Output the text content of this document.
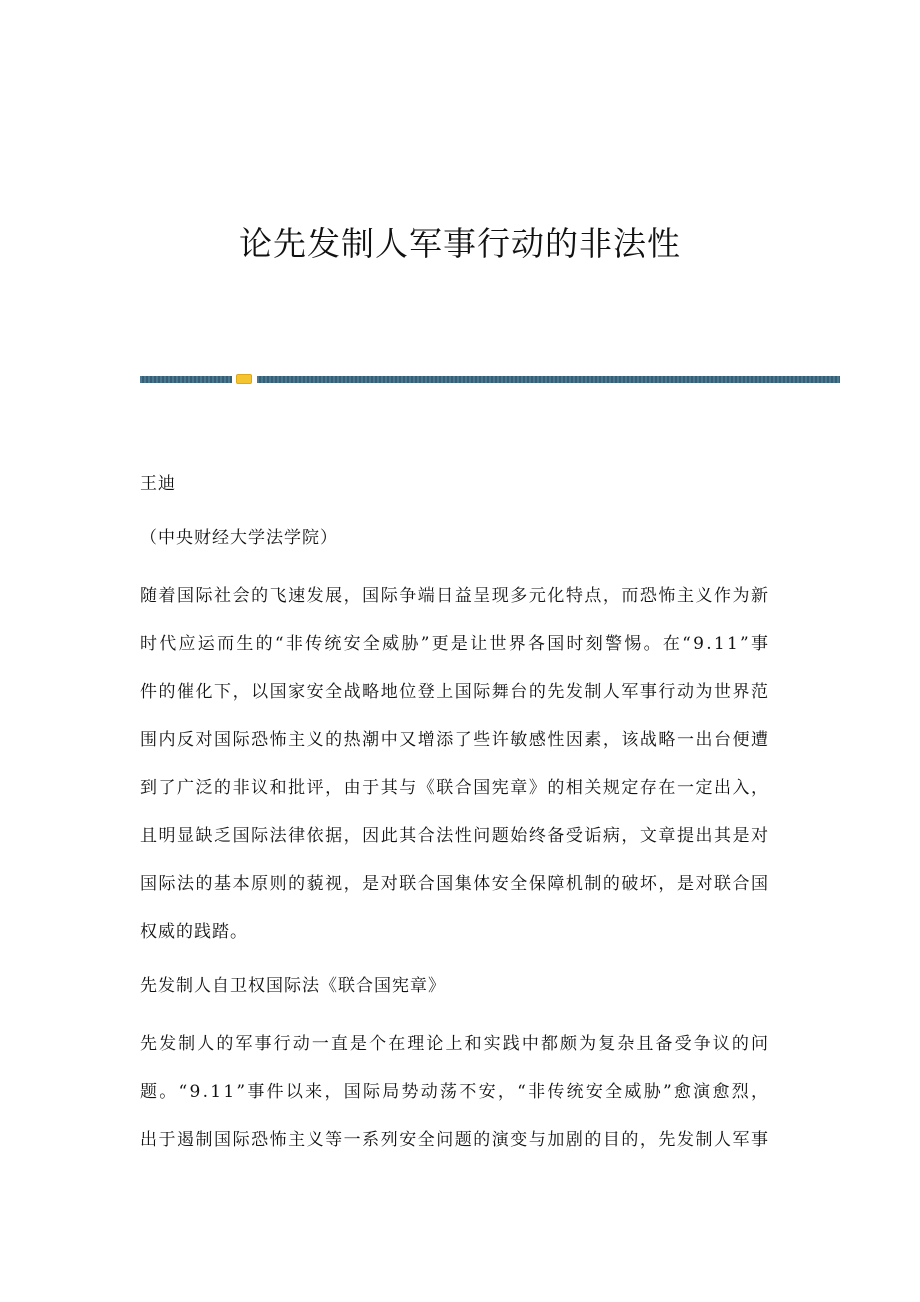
论先发制人军事行动的非法性
王迪
（中央财经大学法学院）
随着国际社会的飞速发展，国际争端日益呈现多元化特点，而恐怖主义作为新
时代应运而生的“非传统安全威胁”更是让世界各国时刻警惕。在“9.11”事
件的催化下，以国家安全战略地位登上国际舞台的先发制人军事行动为世界范
围内反对国际恐怖主义的热潮中又增添了些许敏感性因素，该战略一出台便遭
到了广泛的非议和批评，由于其与《联合国宪章》的相关规定存在一定出入，
且明显缺乏国际法律依据，因此其合法性问题始终备受诟病，文章提出其是对
国际法的基本原则的藐视，是对联合国集体安全保障机制的破坏，是对联合国
权威的践踏。
先发制人自卫权国际法《联合国宪章》
先发制人的军事行动一直是个在理论上和实践中都颇为复杂且备受争议的问
题。“9.11”事件以来，国际局势动荡不安，“非传统安全威胁”愈演愈烈，
出于遏制国际恐怖主义等一系列安全问题的演变与加剧的目的，先发制人军事
